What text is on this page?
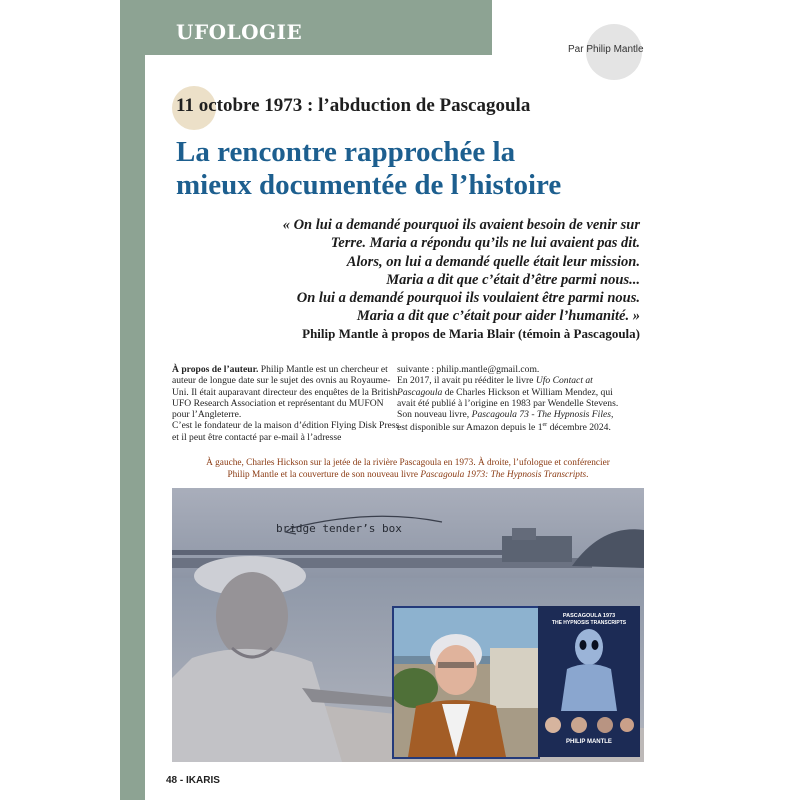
UFOLOGIE
Par Philip Mantle
11 octobre 1973 : l’abduction de Pascagoula
La rencontre rapprochée la
mieux documentée de l’histoire
« On lui a demandé pourquoi ils avaient besoin de venir sur
Terre. Maria a répondu qu’ils ne lui avaient pas dit.
Alors, on lui a demandé quelle était leur mission.
Maria a dit que c’était d’être parmi nous...
On lui a demandé pourquoi ils voulaient être parmi nous.
Maria a dit que c’était pour aider l’humanité. »
Philip Mantle à propos de Maria Blair (témoin à Pascagoula)

À propos de l’auteur. Philip Mantle est un chercheur et auteur de longue date sur le sujet des ovnis au Royaume-Uni. Il était auparavant directeur des enquêtes de la British UFO Research Association et représentant du MUFON pour l’Angleterre.

C’est le fondateur de la maison d’édition Flying Disk Press et il peut être contacté par e-mail à l’adresse

suivante : philip.mantle@gmail.com.

En 2017, il avait pu rééditer le livre Ufo Contact at Pascagoula de Charles Hickson et William Mendez, qui avait été publié à l’origine en 1983 par Wendelle Stevens. Son nouveau livre, Pascagoula 73 - The Hypnosis Files, est disponible sur Amazon depuis le 1er décembre 2024.

À gauche, Charles Hickson sur la jetée de la rivière Pascagoula en 1973. À droite, l’ufologue et conférencier
Philip Mantle et la couverture de son nouveau livre Pascagoula 1973: The Hypnosis Transcripts.
bridge tender’s box
PASCAGOULA 1973
THE HYPNOSIS TRANSCRIPTS
PHILIP MANTLE
48 - IKARIS
